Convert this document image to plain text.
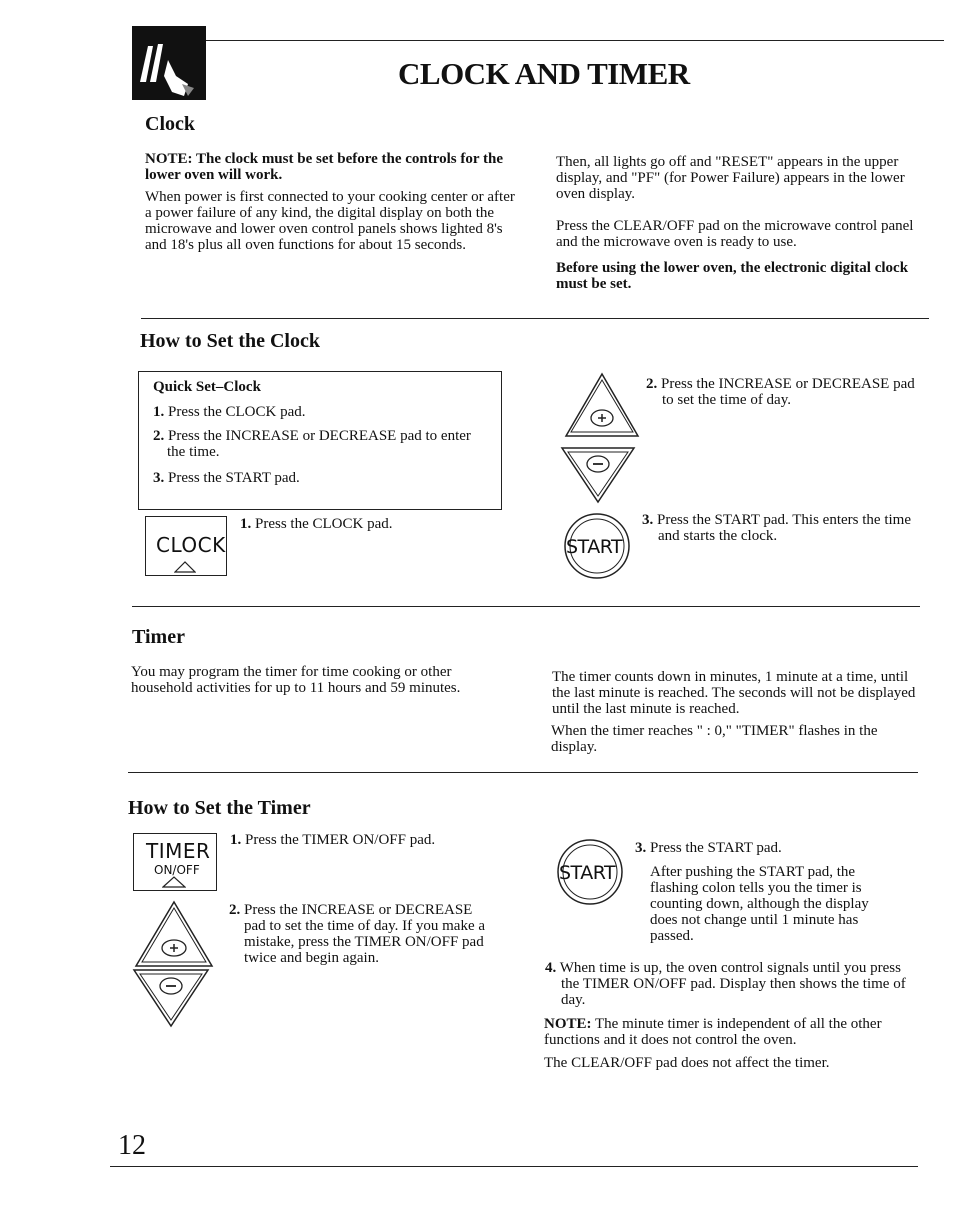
CLOCK AND TIMER
Clock

NOTE: The clock must be set before the controls for the lower oven will work.

When power is first connected to your cooking center or after a power failure of any kind, the digital display on both the microwave and lower oven control panels shows lighted 8's and 18's plus all oven functions for about 15 seconds.

Then, all lights go off and "RESET" appears in the upper display, and "PF" (for Power Failure) appears in the lower oven display.

Press the CLEAR/OFF pad on the microwave control panel and the microwave oven is ready to use.

Before using the lower oven, the electronic digital clock must be set.

How to Set the Clock

Quick Set–Clock

1. Press the CLOCK pad.
2. Press the INCREASE or DECREASE pad to enter the time.
3. Press the START pad.
CLOCK
1. Press the CLOCK pad.
2. Press the INCREASE or DECREASE pad to set the time of day.
START
3. Press the START pad. This enters the time and starts the clock.
Timer

You may program the timer for time cooking or other household activities for up to 11 hours and 59 minutes.

The timer counts down in minutes, 1 minute at a time, until the last minute is reached. The seconds will not be displayed until the last minute is reached.

When the timer reaches " : 0," "TIMER" flashes in the display.

How to Set the Timer
TIMER
ON/OFF
1. Press the TIMER ON/OFF pad.
2. Press the INCREASE or DECREASE pad to set the time of day. If you make a mistake, press the TIMER ON/OFF pad twice and begin again.
START
3. Press the START pad.

After pushing the START pad, the flashing colon tells you the timer is counting down, although the display does not change until 1 minute has passed.

4. When time is up, the oven control signals until you press the TIMER ON/OFF pad. Display then shows the time of day.
NOTE: The minute timer is independent of all the other functions and it does not control the oven.

The CLEAR/OFF pad does not affect the timer.

12
